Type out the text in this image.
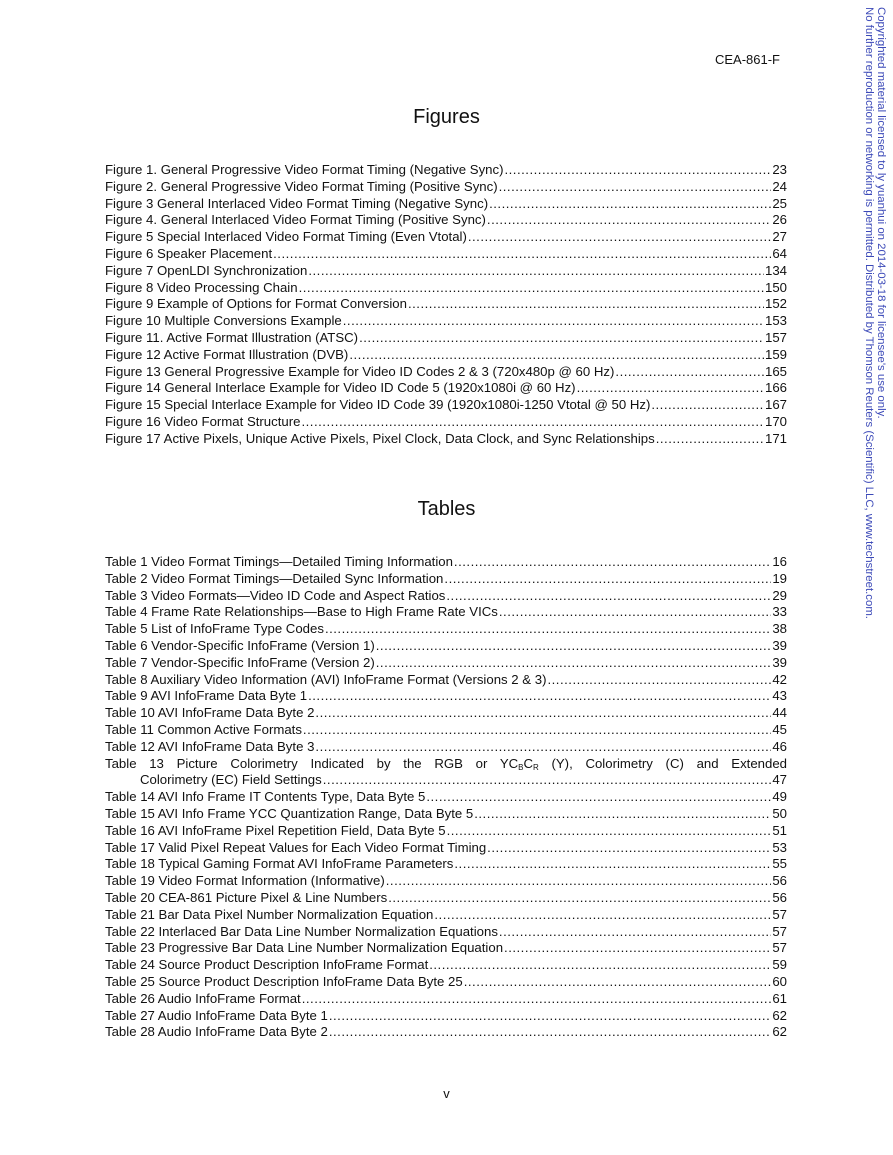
CEA-861-F
Figures
Figure 1. General Progressive Video Format Timing (Negative Sync) .....	23
Figure 2. General Progressive Video Format Timing (Positive Sync) .....	24
Figure 3 General Interlaced Video Format Timing (Negative Sync) .....	25
Figure 4. General Interlaced Video Format Timing (Positive Sync) .....	26
Figure 5 Special Interlaced Video Format Timing (Even Vtotal) .....	27
Figure 6 Speaker Placement .....	64
Figure 7 OpenLDI Synchronization .....	134
Figure 8 Video Processing Chain .....	150
Figure 9 Example of Options for Format Conversion .....	152
Figure 10 Multiple Conversions Example .....	153
Figure 11. Active Format Illustration (ATSC) .....	157
Figure 12 Active Format Illustration (DVB) .....	159
Figure 13 General Progressive Example for Video ID Codes 2 & 3 (720x480p @ 60 Hz) .....	165
Figure 14 General Interlace Example for Video ID Code 5 (1920x1080i @ 60 Hz) .....	166
Figure 15 Special Interlace Example for Video ID Code 39 (1920x1080i-1250 Vtotal @ 50 Hz) .....	167
Figure 16 Video Format Structure .....	170
Figure 17 Active Pixels, Unique Active Pixels, Pixel Clock, Data Clock, and Sync Relationships .....	171
Tables
Table 1 Video Format Timings—Detailed Timing Information .....	16
Table 2 Video Format Timings—Detailed Sync Information .....	19
Table 3 Video Formats—Video ID Code and Aspect Ratios .....	29
Table 4 Frame Rate Relationships—Base to High Frame Rate VICs .....	33
Table 5 List of InfoFrame Type Codes .....	38
Table 6 Vendor-Specific InfoFrame (Version 1) .....	39
Table 7 Vendor-Specific InfoFrame (Version 2) .....	39
Table 8 Auxiliary Video Information (AVI) InfoFrame Format (Versions 2 & 3) .....	42
Table 9 AVI InfoFrame Data Byte 1 .....	43
Table 10 AVI InfoFrame Data Byte 2 .....	44
Table 11 Common Active Formats .....	45
Table 12 AVI InfoFrame Data Byte 3 .....	46
Table 13 Picture Colorimetry Indicated by the RGB or $YC_BC_R$ (Y), Colorimetry (C) and Extended
Colorimetry (EC) Field Settings .....	47
Table 14 AVI Info Frame IT Contents Type, Data Byte 5 .....	49
Table 15 AVI Info Frame YCC Quantization Range, Data Byte 5 .....	50
Table 16 AVI InfoFrame Pixel Repetition Field, Data Byte 5 .....	51
Table 17 Valid Pixel Repeat Values for Each Video Format Timing .....	53
Table 18 Typical Gaming Format AVI InfoFrame Parameters .....	55
Table 19 Video Format Information (Informative) .....	56
Table 20 CEA-861 Picture Pixel & Line Numbers .....	56
Table 21 Bar Data Pixel Number Normalization Equation .....	57
Table 22 Interlaced Bar Data Line Number Normalization Equations .....	57
Table 23 Progressive Bar Data Line Number Normalization Equation .....	57
Table 24 Source Product Description InfoFrame Format .....	59
Table 25 Source Product Description InfoFrame Data Byte 25 .....	60
Table 26 Audio InfoFrame Format .....	61
Table 27 Audio InfoFrame Data Byte 1 .....	62
Table 28 Audio InfoFrame Data Byte 2 .....	62
v
Copyrighted material licensed to ly yuanhui on 2014-03-18 for licensee's use only.
No further reproduction or networking is permitted. Distributed by Thomson Reuters (Scientific) LLC, www.techstreet.com.
